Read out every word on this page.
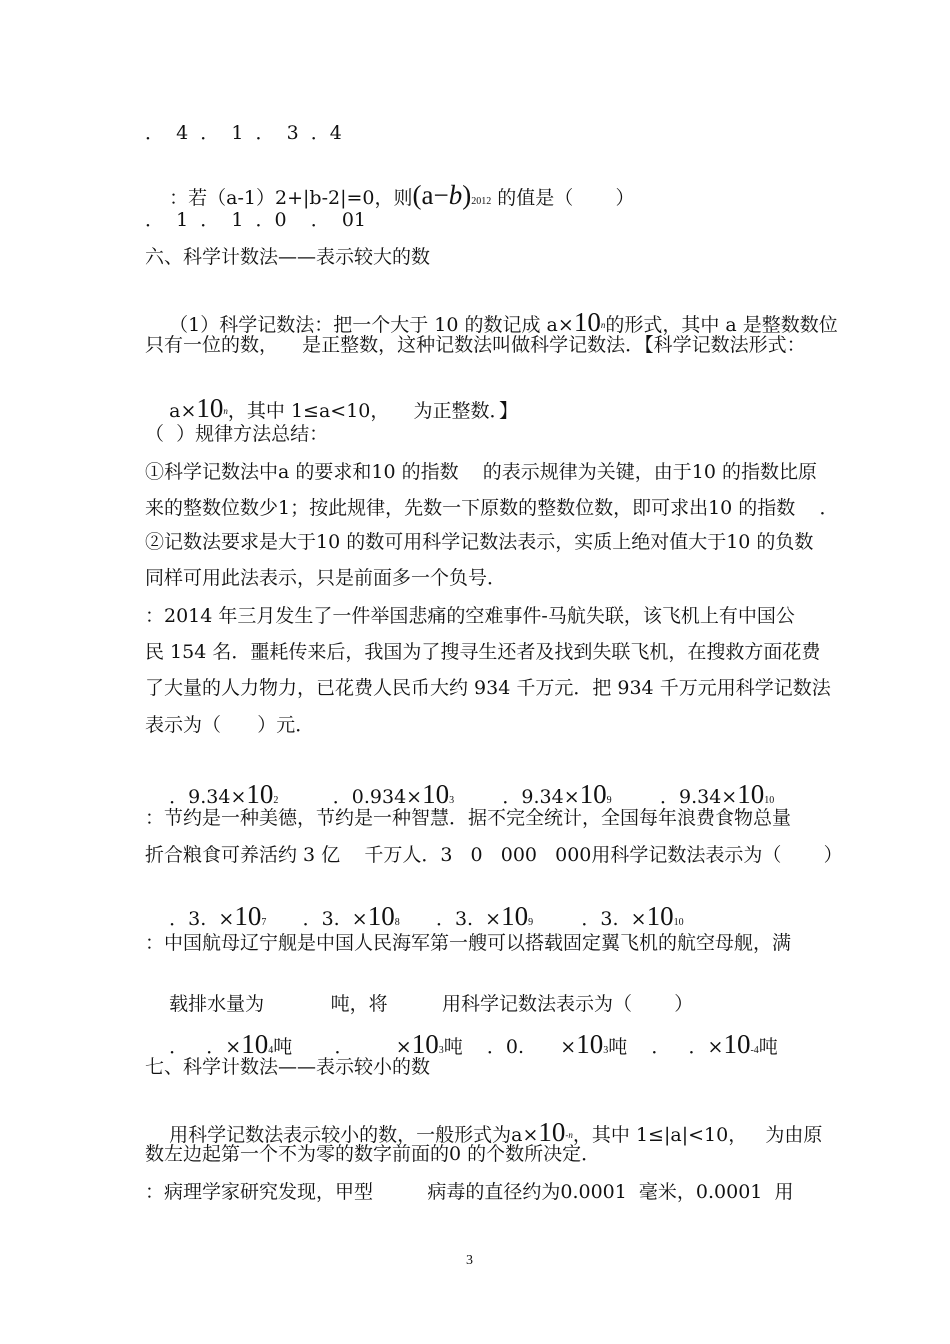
．  4  ．  1  ．  3  ．4

：若（a-1）2+|b-2|=0，则(a−b)2012 的值是（       ）

．  1  ．  1  ．0    ．  01
六、科学计数法——表示较大的数

（1）科学记数法：把一个大于 10 的数记成 $a\times 10^n$的形式，其中 a 是整数数位

只有一位的数，    是正整数，这种记数法叫做科学记数法．【科学记数法形式：

$a\times 10^n$，其中 1≤a<10，    为正整数．】

（  ）规律方法总结：
①科学记数法中a 的要求和10 的指数    的表示规律为关键，由于10 的指数比原
来的整数位数少1；按此规律，先数一下原数的整数位数，即可求出10 的指数    ．
②记数法要求是大于10 的数可用科学记数法表示，实质上绝对值大于10 的负数
同样可用此法表示，只是前面多一个负号．
：2014 年三月发生了一件举国悲痛的空难事件-马航失联，该飞机上有中国公
民 154 名．噩耗传来后，我国为了搜寻生还者及找到失联飞机，在搜救方面花费
了大量的人力物力，已花费人民币大约 934 千万元．把 934 千万元用科学记数法
表示为（      ）元．

．9.34×102	．0.934×103	．9.34×109	．9.34×1010

：节约是一种美德，节约是一种智慧．据不完全统计，全国每年浪费食物总量
折合粮食可养活约 3 亿    千万人．3   0   000   000用科学记数法表示为（       ）

．3.  ×107 ．3.  ×108 ．3.  ×109	．3.  ×1010

：中国航母辽宁舰是中国人民海军第一艘可以搭载固定翼飞机的航空母舰，满

载排水量为	吨，将	用科学记数法表示为（       ）

．   ．×104吨 ．       ×103吨 ．0.      ×103吨 ．   ．×10-4吨

七、科学计数法——表示较小的数

用科学记数法表示较小的数，一般形式为$a\times 10^{-n}$，其中 1≤|a|<10，   为由原

数左边起第一个不为零的数字前面的0 的个数所决定．
：病理学家研究发现，甲型         病毒的直径约为0.0001  毫米，0.0001  用
3
